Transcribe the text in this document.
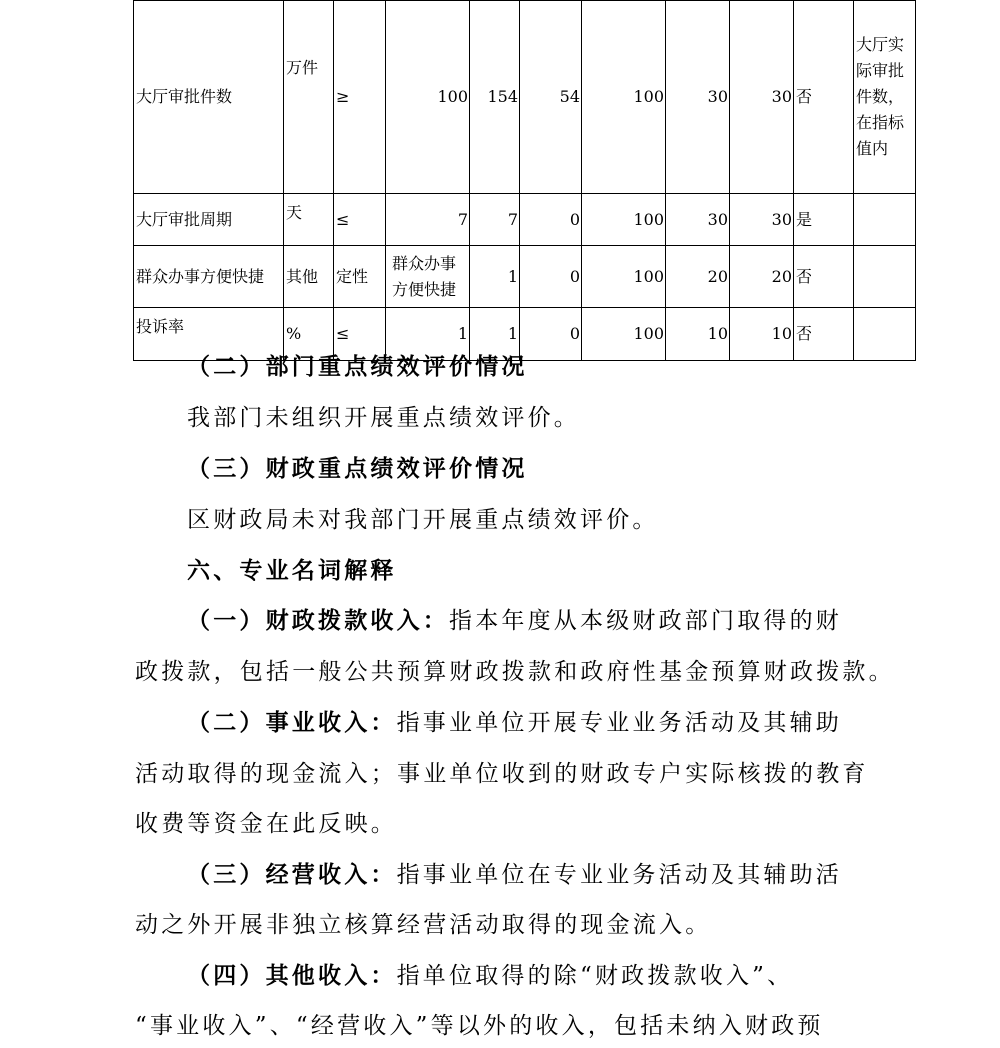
大厅审批件数	万件	≥	100	154	54	100	30	30	否	大厅实际审批件数，在指标值内
大厅审批周期	天	≤	7	7	0	100	30	30	是	
群众办事方便快捷	其他	定性	群众办事方便快捷	1	0	100	20	20	否	
投诉率	%	≤	1	1	0	100	10	10	否	
（二）部门重点绩效评价情况
我部门未组织开展重点绩效评价。
（三）财政重点绩效评价情况
区财政局未对我部门开展重点绩效评价。
六、专业名词解释
（一）财政拨款收入：指本年度从本级财政部门取得的财
政拨款，包括一般公共预算财政拨款和政府性基金预算财政拨款。
（二）事业收入：指事业单位开展专业业务活动及其辅助
活动取得的现金流入；事业单位收到的财政专户实际核拨的教育
收费等资金在此反映。
（三）经营收入：指事业单位在专业业务活动及其辅助活
动之外开展非独立核算经营活动取得的现金流入。
（四）其他收入：指单位取得的除“财政拨款收入”、
“事业收入”、“经营收入”等以外的收入，包括未纳入财政预
